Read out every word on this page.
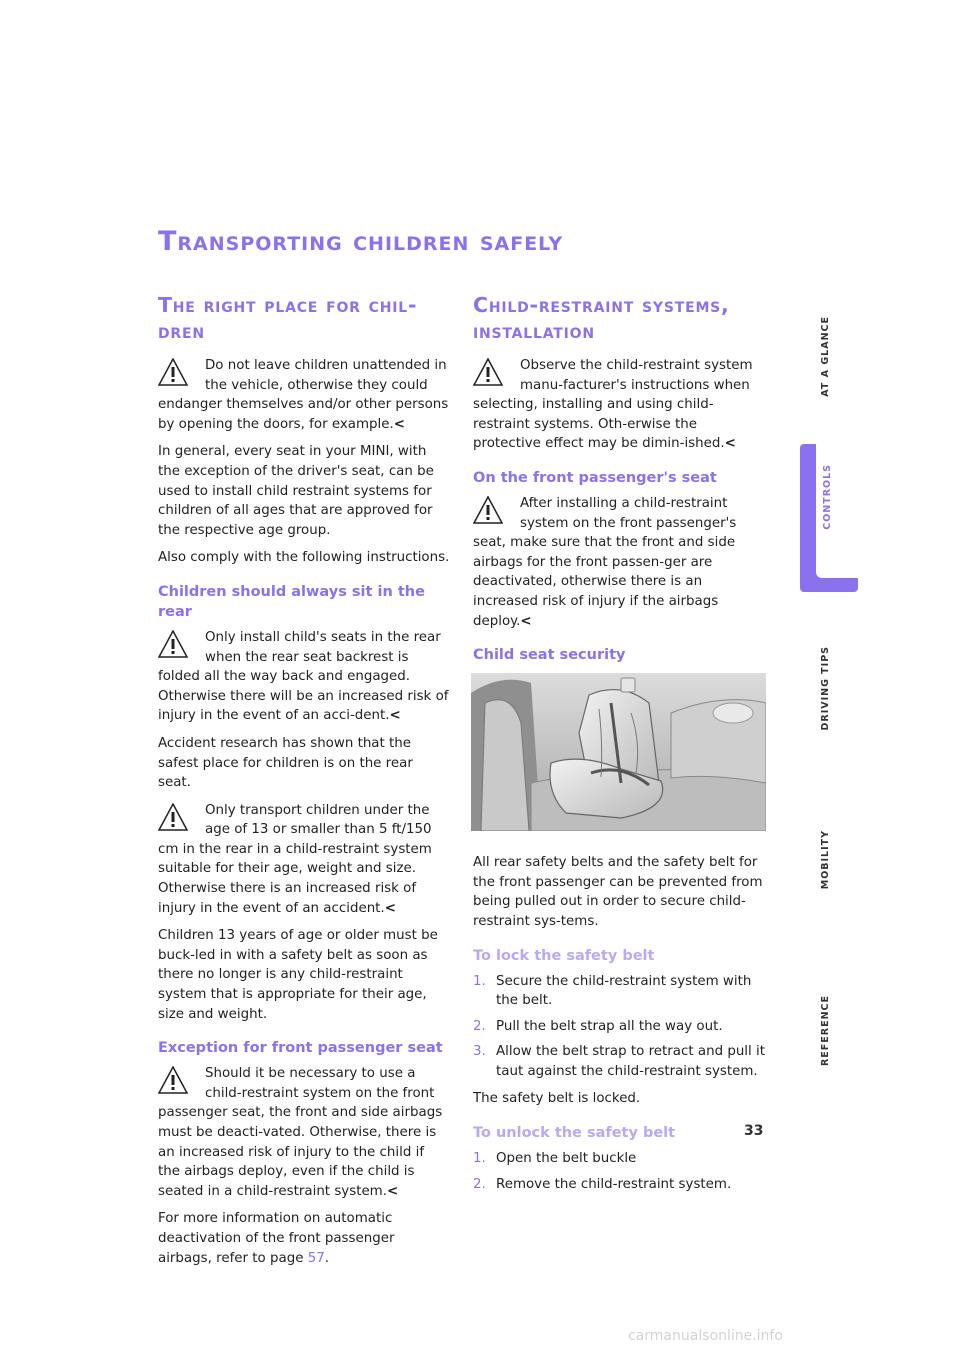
Transporting children safely
The right place for chil-
dren
Do not leave children unattended in the vehicle, otherwise they could endanger themselves and/or other persons by opening the doors, for example.<

In general, every seat in your MINI, with the exception of the driver's seat, can be used to install child restraint systems for children of all ages that are approved for the respective age group.

Also comply with the following instructions.

Children should always sit in the rear
Only install child's seats in the rear when the rear seat backrest is folded all the way back and engaged. Otherwise there will be an increased risk of injury in the event of an acci-dent.<

Accident research has shown that the safest place for children is on the rear seat.

Only transport children under the age of 13 or smaller than 5 ft/150 cm in the rear in a child-restraint system suitable for their age, weight and size. Otherwise there is an increased risk of injury in the event of an accident.<

Children 13 years of age or older must be buck-led in with a safety belt as soon as there no longer is any child-restraint system that is appropriate for their age, size and weight.

Exception for front passenger seat
Should it be necessary to use a child-restraint system on the front passenger seat, the front and side airbags must be deacti-vated. Otherwise, there is an increased risk of injury to the child if the airbags deploy, even if the child is seated in a child-restraint system.<

For more information on automatic deactivation of the front passenger airbags, refer to page 57.

Child-restraint systems,
installation
Observe the child-restraint system manu-facturer's instructions when selecting, installing and using child-restraint systems. Oth-erwise the protective effect may be dimin-ished.<
On the front passenger's seat
After installing a child-restraint system on the front passenger's seat, make sure that the front and side airbags for the front passen-ger are deactivated, otherwise there is an increased risk of injury if the airbags deploy.<
Child seat security

All rear safety belts and the safety belt for the front passenger can be prevented from being pulled out in order to secure child-restraint sys-tems.

To lock the safety belt
1. Secure the child-restraint system with the belt.
2. Pull the belt strap all the way out.
3. Allow the belt strap to retract and pull it taut against the child-restraint system.

The safety belt is locked.

To unlock the safety belt
1. Open the belt buckle
2. Remove the child-restraint system.
CONTROLS
AT A GLANCE
DRIVING TIPS
MOBILITY
REFERENCE
33
carmanualsonline.info
